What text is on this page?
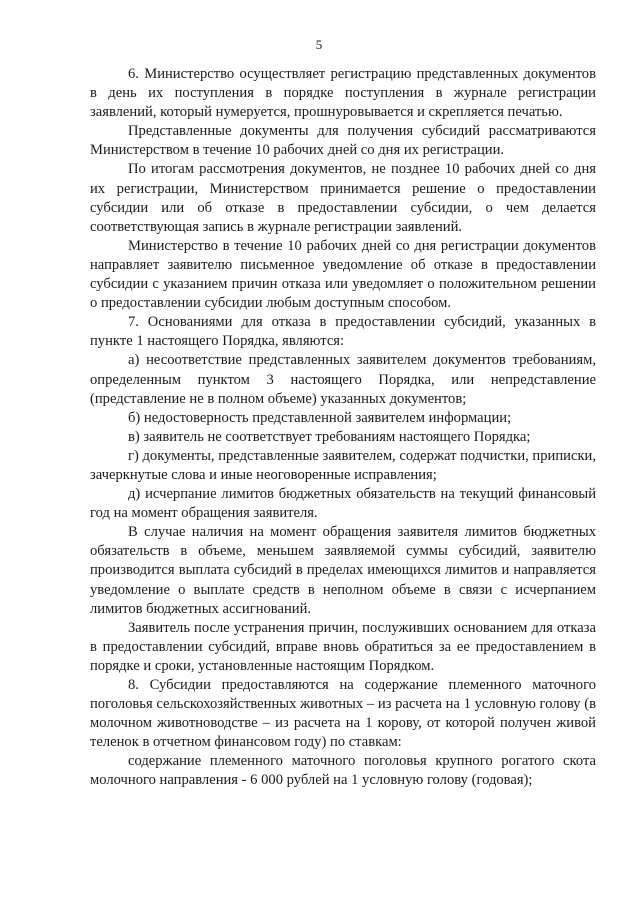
5

6. Министерство осуществляет регистрацию представленных документов в день их поступления в порядке поступления в журнале регистрации заявлений, который нумеруется, прошнуровывается и скрепляется печатью.

Представленные документы для получения субсидий рассматриваются Министерством в течение 10 рабочих дней со дня их регистрации.

По итогам рассмотрения документов, не позднее 10 рабочих дней со дня их регистрации, Министерством принимается решение о предоставлении субсидии или об отказе в предоставлении субсидии, о чем делается соответствующая запись в журнале регистрации заявлений.

Министерство в течение 10 рабочих дней со дня регистрации документов направляет заявителю письменное уведомление об отказе в предоставлении субсидии с указанием причин отказа или уведомляет о положительном решении о предоставлении субсидии любым доступным способом.

7. Основаниями для отказа в предоставлении субсидий, указанных в пункте 1 настоящего Порядка, являются:

а) несоответствие представленных заявителем документов требованиям, определенным пунктом 3 настоящего Порядка, или непредставление (представление не в полном объеме) указанных документов;

б) недостоверность представленной заявителем информации;

в) заявитель не соответствует требованиям настоящего Порядка;

г) документы, представленные заявителем, содержат подчистки, приписки, зачеркнутые слова и иные неоговоренные исправления;

д) исчерпание лимитов бюджетных обязательств на текущий финансовый год на момент обращения заявителя.

В случае наличия на момент обращения заявителя лимитов бюджетных обязательств в объеме, меньшем заявляемой суммы субсидий, заявителю производится выплата субсидий в пределах имеющихся лимитов и направляется уведомление о выплате средств в неполном объеме в связи с исчерпанием лимитов бюджетных ассигнований.

Заявитель после устранения причин, послуживших основанием для отказа в предоставлении субсидий, вправе вновь обратиться за ее предоставлением в порядке и сроки, установленные настоящим Порядком.

8. Субсидии предоставляются на содержание племенного маточного поголовья сельскохозяйственных животных – из расчета на 1 условную голову (в молочном животноводстве – из расчета на 1 корову, от которой получен живой теленок в отчетном финансовом году) по ставкам:

содержание племенного маточного поголовья крупного рогатого скота молочного направления - 6 000 рублей на 1 условную голову (годовая);
